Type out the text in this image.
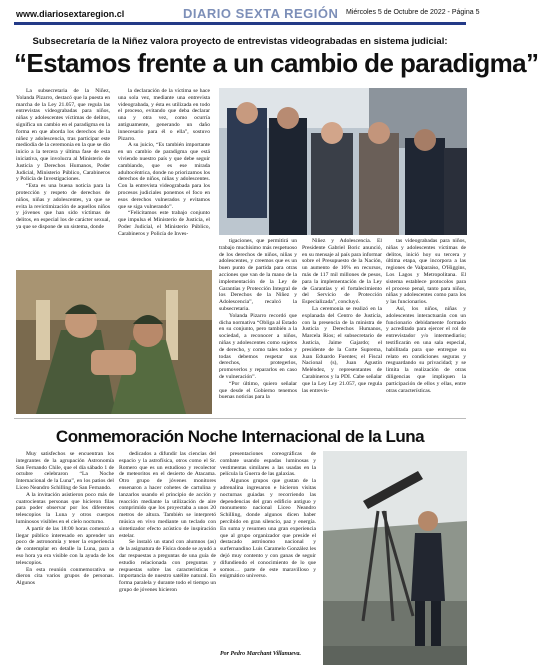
www.diariosextaregion.cl	DIARIO SEXTA REGIÓN Miércoles 5 de Octubre de 2022 - Página 5
Subsecretaría de la Niñez valora proyecto de entrevistas videograbadas en sistema judicial:
“Estamos frente a un cambio de paradigma”

La subsecretaria de la Niñez, Yolanda Pizarro, destacó que la puesta en marcha de la Ley 21.057, que regula las entrevistas videograbadas para niños, niñas y adolescentes víctimas de delitos, significa un cambio en el paradigma en la forma en que aborda los derechos de la niñez y adolescencia, tras participar este mediodía de la ceremonia en la que se dio inicio a la tercera y última fase de esta iniciativa, que involucra al Ministerio de Justicia y Derechos Humanos, Poder Judicial, Ministerio Público, Carabineros y Policía de Investigaciones.

“Esta es una buena noticia para la protección y respeto de derechos de niños, niñas y adolescentes, ya que se evita la revictimización de aquellos niños y jóvenes que han sido víctimas de delitos, en especial los de carácter sexual, ya que se dispone de un sistema, donde

la declaración de la víctima se hace una sola vez, mediante una entrevista videograbada, y ésta es utilizada en todo el proceso, evitando que deba declarar una y otra vez, como ocurría antiguamente, generando un daño innecesario para él o ella”, sostuvo Pizarro.

A su juicio, “Es también importante en un cambio de paradigma que está viviendo nuestro país y que debe seguir cambiando, que es ese mirada adultocéntrica, donde no priorizamos los derechos de niños, niñas y adolescentes. Con la entrevista videograbada para los procesos judiciales ponemos el foco en esos derechos vulnerados y evitamos que se siga vulnerando”.

“Felicitamos este trabajo conjunto que impulsa el Ministerio de Justicia, el Poder Judicial, el Ministerio Público, Carabineros y Policía de Inves-

tigaciones, que permitirá un trabajo muchísimo más respetuoso de los derechos de niños, niñas y adolescentes, y creemos que es un buen punto de partida para otras acciones que van de la mano de la implementación de la Ley de Garantías y Protección Integral de los Derechos de la Niñez y Adolescencia”, recalcó la subsecretaria.

Yolanda Pizarro recordó que dicha normativa “Obliga al Estado en su conjunto, pero también a la sociedad, a reconocer a niños, niñas y adolescentes como sujetos de derecho, y como tales todos y todas debemos respetar sus derechos, protegerlos, promoverlos y repararlos en caso de vulneración”.

“Por último, quiero señalar que desde el Gobierno tenemos buenas noticias para la

Niñez y Adolescencia. El Presidente Gabriel Boric anunció, en su mensaje al país para informar sobre el Presupuesto de la Nación, un aumento de 16% en recursos, más de 117 mil millones de pesos, para la implementación de la Ley de Garantías y el fortalecimiento del Servicio de Protección Especializada”, concluyó.

La ceremonia se realizó en la explanada del Centro de Justicia, con la presencia de la ministra de Justicia y Derechos Humanos, Marcela Ríos; el subsecretario de Justicia, Jaime Gajardo; el presidente de la Corte Suprema, Juan Eduardo Fuentes; el Fiscal Nacional (s), Juan Agustín Meléndez, y representantes de Carabineros y la PDI. Cabe señalar que la Ley Ley 21.057, que regula las entrevis-

tas videograbadas para niños, niñas y adolescentes víctimas de delitos, inició hoy su tercera y última etapa, que incorpora a las regiones de Valparaíso, O'Higgins, Los Lagos y Metropolitana. El sistema establece protocolos para el proceso penal, tanto para niños, niñas y adolescentes como para los y las funcionarios.

Así, los niños, niñas y adolescentes interactuarán con un funcionario debidamente formado y acreditado para ejercer el rol de entrevistador y/o intermediario; testificarán en una sala especial, habilitada para que entregue su relato en condiciones seguras y resguardando su privacidad; y se limita la realización de otras diligencias que impliquen la participación de ellos y ellas, entre otras características.

Conmemoración Noche Internacional de la Luna

Muy satisfechos se encuentran los integrantes de la agrupación Astronomía San Fernando Chile, que el día sábado 1 de octubre celebraron “La Noche Internacional de la Luna”, en los patios del Liceo Neandro Schilling de San Fernando.

A la invitación asistieron poco más de cuatrocientas personas que hicieron filas para poder observar por los diferentes telescopios la Luna y otros cuerpos luminosos visibles en el cielo nocturno.

A partir de las 18:00 horas comenzó a llegar público interesado en aprender un poco de astronomía y tener la experiencia de contemplar en detalle la Luna, para a eso hora ya era visible con la ayuda de los telescopios.

En esta reunión conmemorativa se dieron cita varios grupos de personas. Algunos

dedicados a difundir las ciencias del espacio y la astrofísica, otros como el Sr. Romero que es un estudioso y recolector de meteoritos en el desierto de Atacama. Otro grupo de jóvenes monitores ensenaron a hacer cohetes de cartulina y lanzarlos usando el principio de acción y reacción mediante la utilización de aire comprimido que los proyectaba a unos 20 metros de altura. También se interpretó música en vivo mediante un teclado con sintetizador efecto acústico de inspiración estelar.

Se instaló un stand con alumnos (as) de la asignatura de Física donde se ayudó a dar respuestas a preguntas de una guía de estudio relacionada con preguntas y respuestas sobre las características e importancia de nuestro satélite natural. En forma paralela y durante todo el tiempo un grupo de jóvenes hicieron

presentaciones coreográficas de combate usando espadas luminosas y vestimentas similares a las usadas en la película la Guerra de las galaxias.

Algunos grupos que gustan de la adrenalina ingresaron e hicieron visitas nocturnas guiadas y recorriendo las dependencias del gran edificio antiguo y monumento nacional Liceo Neandro Schilling, donde algunos dicen haber percibido en gran silencio, paz y energía. En suma y resumen una gran experiencia que al grupo organizador que preside el destacado astrónomo nacional y surfernandino Luis Caramelo González les dejó muy contento y con ganas de seguir difundiendo el conocimiento de lo que somos… parte de este maravilloso y enigmático universo.

Por Pedro Marchant Villanueva.
